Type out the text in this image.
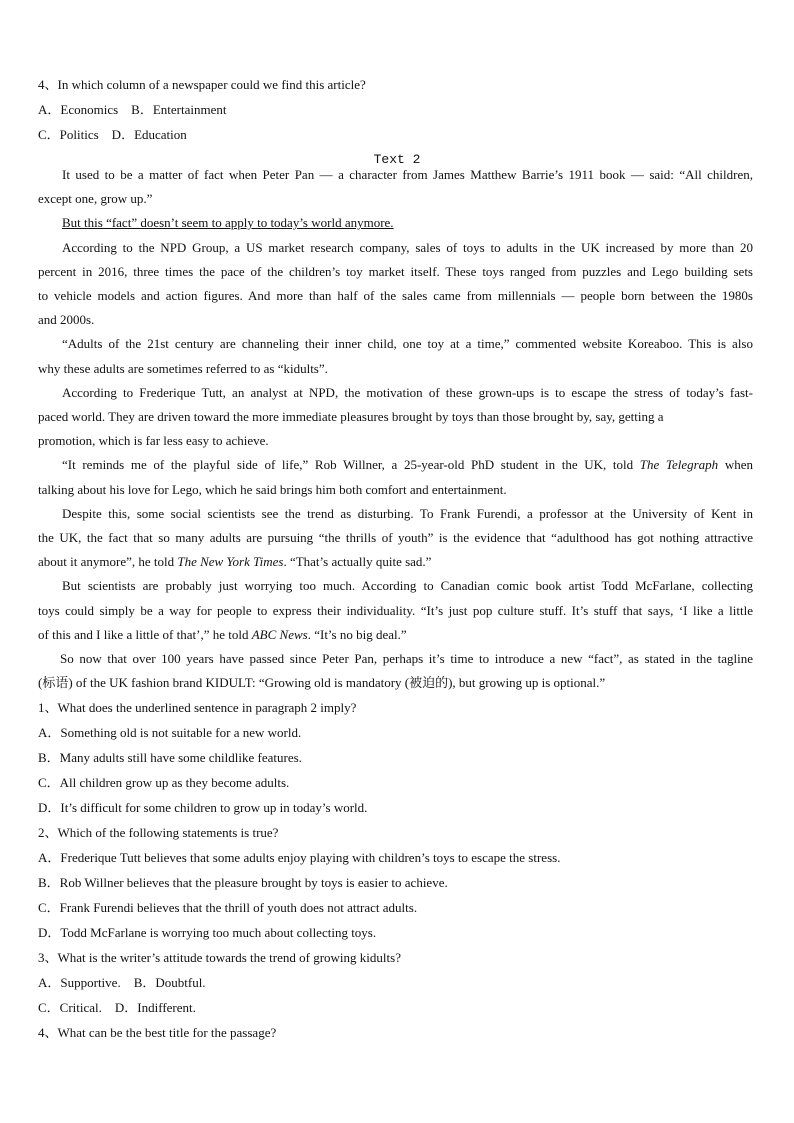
Text 2
4、In which column of a newspaper could we find this article?
A．Economics　B．Entertainment
C．Politics　D．Education
It used to be a matter of fact when Peter Pan — a character from James Matthew Barrie’s 1911 book — said: “All children,
except one, grow up.”
But this “fact” doesn’t seem to apply to today’s world anymore.
According to the NPD Group, a US market research company, sales of toys to adults in the UK increased by more than 20
percent in 2016, three times the pace of the children’s toy market itself. These toys ranged from puzzles and Lego building sets
to vehicle models and action figures. And more than half of the sales came from millennials — people born between the 1980s
and 2000s.
“Adults of the 21st century are channeling their inner child, one toy at a time,” commented website Koreaboo. This is also
why these adults are sometimes referred to as “kidults”.
According to Frederique Tutt, an analyst at NPD, the motivation of these grown-ups is to escape the stress of today’s fast-
paced world. They are driven toward the more immediate pleasures brought by toys than those brought by, say, getting a
promotion, which is far less easy to achieve.
“It reminds me of the playful side of life,” Rob Willner, a 25-year-old PhD student in the UK, told The Telegraph when
talking about his love for Lego, which he said brings him both comfort and entertainment.
Despite this, some social scientists see the trend as disturbing. To Frank Furendi, a professor at the University of Kent in
the UK, the fact that so many adults are pursuing “the thrills of youth” is the evidence that “adulthood has got nothing attractive
about it anymore”, he told The New York Times. “That’s actually quite sad.”
But scientists are probably just worrying too much. According to Canadian comic book artist Todd McFarlane, collecting
toys could simply be a way for people to express their individuality. “It’s just pop culture stuff. It’s stuff that says, ‘I like a little
of this and I like a little of that’,” he told ABC News. “It’s no big deal.”
So now that over 100 years have passed since Peter Pan, perhaps it’s time to introduce a new “fact”, as stated in the tagline
(标语) of the UK fashion brand KIDULT: “Growing old is mandatory (被迫的), but growing up is optional.”
1、What does the underlined sentence in paragraph 2 imply?
A．Something old is not suitable for a new world.
B．Many adults still have some childlike features.
C．All children grow up as they become adults.
D．It’s difficult for some children to grow up in today’s world.
2、Which of the following statements is true?
A．Frederique Tutt believes that some adults enjoy playing with children’s toys to escape the stress.
B．Rob Willner believes that the pleasure brought by toys is easier to achieve.
C．Frank Furendi believes that the thrill of youth does not attract adults.
D．Todd McFarlane is worrying too much about collecting toys.
3、What is the writer’s attitude towards the trend of growing kidults?
A．Supportive.　B．Doubtful.
C．Critical.　D．Indifferent.
4、What can be the best title for the passage?
